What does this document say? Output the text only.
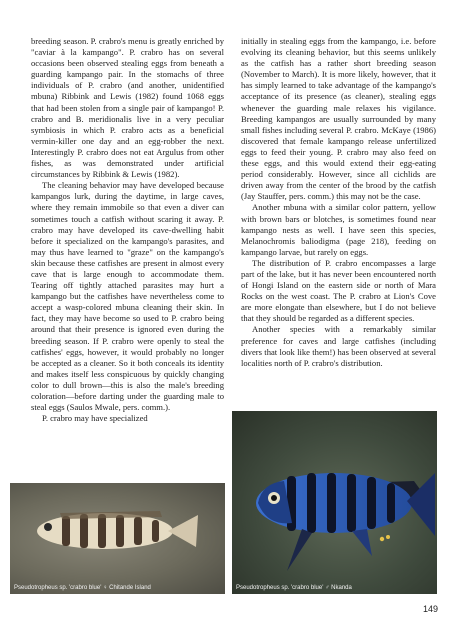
breeding season. P. crabro's menu is greatly enriched by "caviar à la kampango". P. crabro has on several occasions been observed stealing eggs from beneath a guarding kampango pair. In the stomachs of three individuals of P. crabro (and another, unidentified mbuna) Ribbink and Lewis (1982) found 1068 eggs that had been stolen from a single pair of kampango! P. crabro and B. meridionalis live in a very peculiar symbiosis in which P. crabro acts as a beneficial vermin-killer one day and an egg-robber the next. Interestingly P. crabro does not eat Argulus from other fishes, as was demonstrated under artificial circumstances by Ribbink & Lewis (1982).

The cleaning behavior may have developed because kampangos lurk, during the daytime, in large caves, where they remain immobile so that even a diver can sometimes touch a catfish without scaring it away. P. crabro may have developed its cave-dwelling habit before it specialized on the kampango's parasites, and may thus have learned to "graze" on the kampango's skin because these catfishes are present in almost every cave that is large enough to accommodate them. Tearing off tightly attached parasites may hurt a kampango but the catfishes have nevertheless come to accept a wasp-colored mbuna cleaning their skin. In fact, they may have become so used to P. crabro being around that their presence is ignored even during the breeding season. If P. crabro were openly to steal the catfishes' eggs, however, it would probably no longer be accepted as a cleaner. So it both conceals its identity and makes itself less conspicuous by quickly changing color to dull brown—this is also the male's breeding coloration—before darting under the guarding male to steal eggs (Saulos Mwale, pers. comm.).

P. crabro may have specialized

initially in stealing eggs from the kampango, i.e. before evolving its cleaning behavior, but this seems unlikely as the catfish has a rather short breeding season (November to March). It is more likely, however, that it has simply learned to take advantage of the kampango's acceptance of its presence (as cleaner), stealing eggs whenever the guarding male relaxes his vigilance. Breeding kampangos are usually surrounded by many small fishes including several P. crabro. McKaye (1986) discovered that female kampango release unfertilized eggs to feed their young. P. crabro may also feed on these eggs, and this would extend their egg-eating period considerably. However, since all cichlids are driven away from the center of the brood by the catfish (Jay Stauffer, pers. comm.) this may not be the case.

Another mbuna with a similar color pattern, yellow with brown bars or blotches, is sometimes found near kampango nests as well. I have seen this species, Melanochromis baliodigma (page 218), feeding on kampango larvae, but rarely on eggs.

The distribution of P. crabro encompasses a large part of the lake, but it has never been encountered north of Hongi Island on the eastern side or north of Mara Rocks on the west coast. The P. crabro at Lion's Cove are more elongate than elsewhere, but I do not believe that they should be regarded as a different species.

Another species with a remarkably similar preference for caves and large catfishes (including divers that look like them!) has been observed at several localities north of P. crabro's distribution.

Pseudotropheus sp. 'crabro blue' ♂ Nkanda
Pseudotropheus sp. 'crabro blue' ♀ Chitande Island
149
